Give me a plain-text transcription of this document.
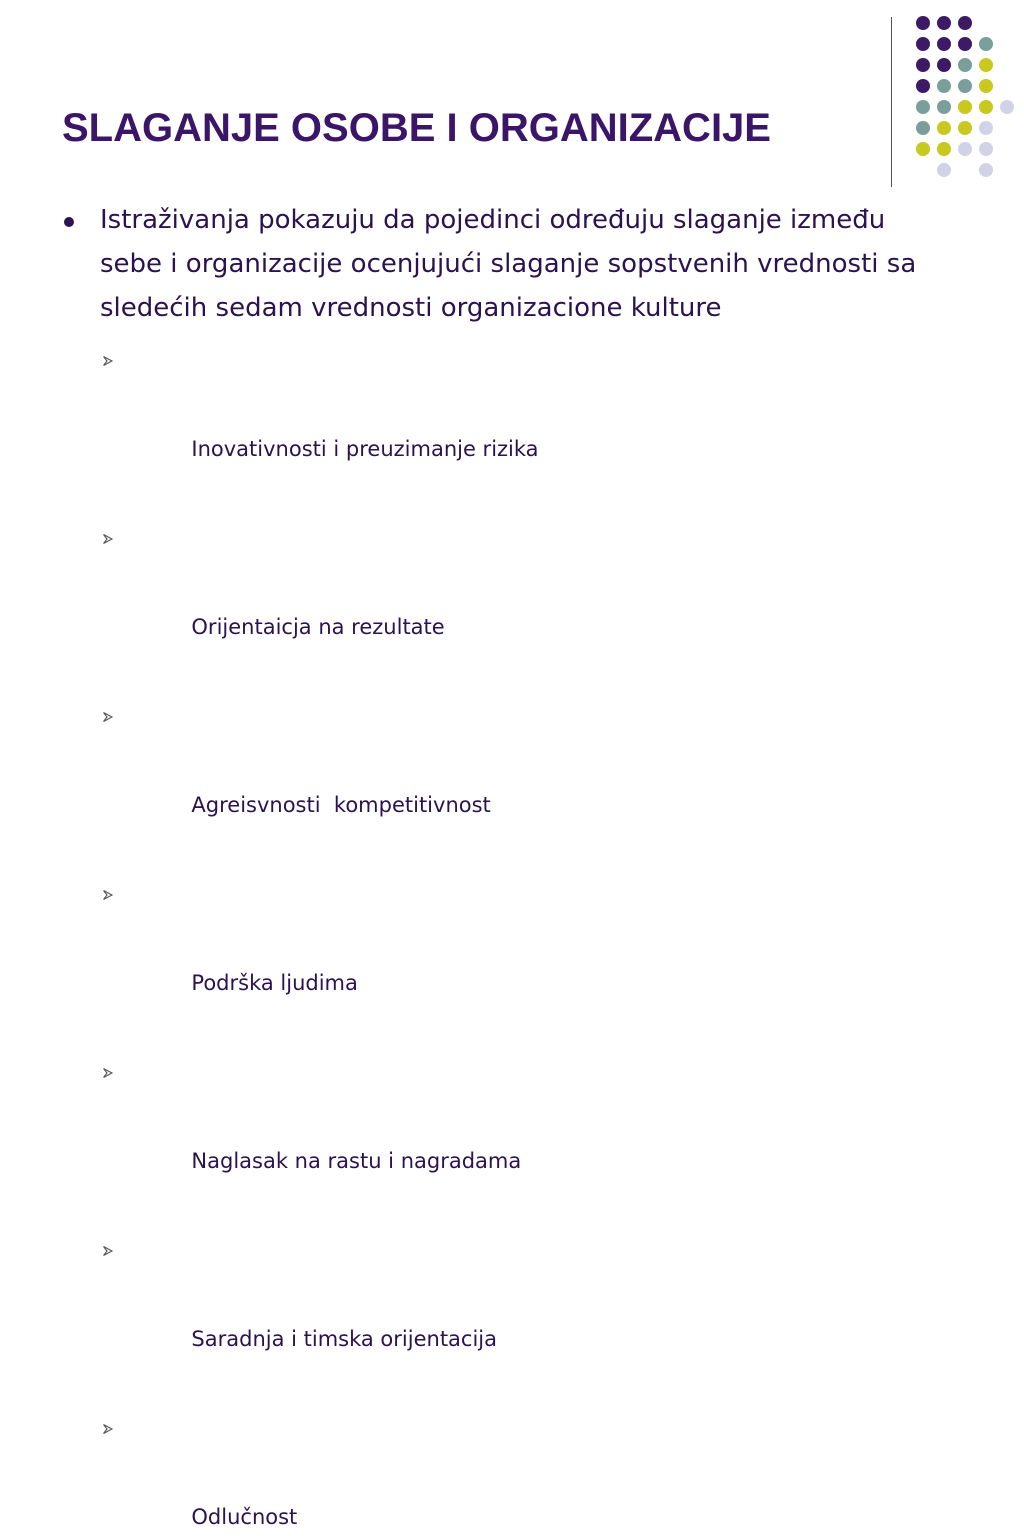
SLAGANJE OSOBE I ORGANIZACIJE
Istraživanja pokazuju da pojedinci određuju slaganje između sebe i organizacije ocenjujući slaganje sopstvenih vrednosti sa sledećih sedam vrednosti organizacione kulture

Inovativnosti i preuzimanje rizika

Orijentaicja na rezultate

Agreisvnosti  kompetitivnost

Podrška ljudima

Naglasak na rastu i nagradama

Saradnja i timska orijentacija

Odlučnost
